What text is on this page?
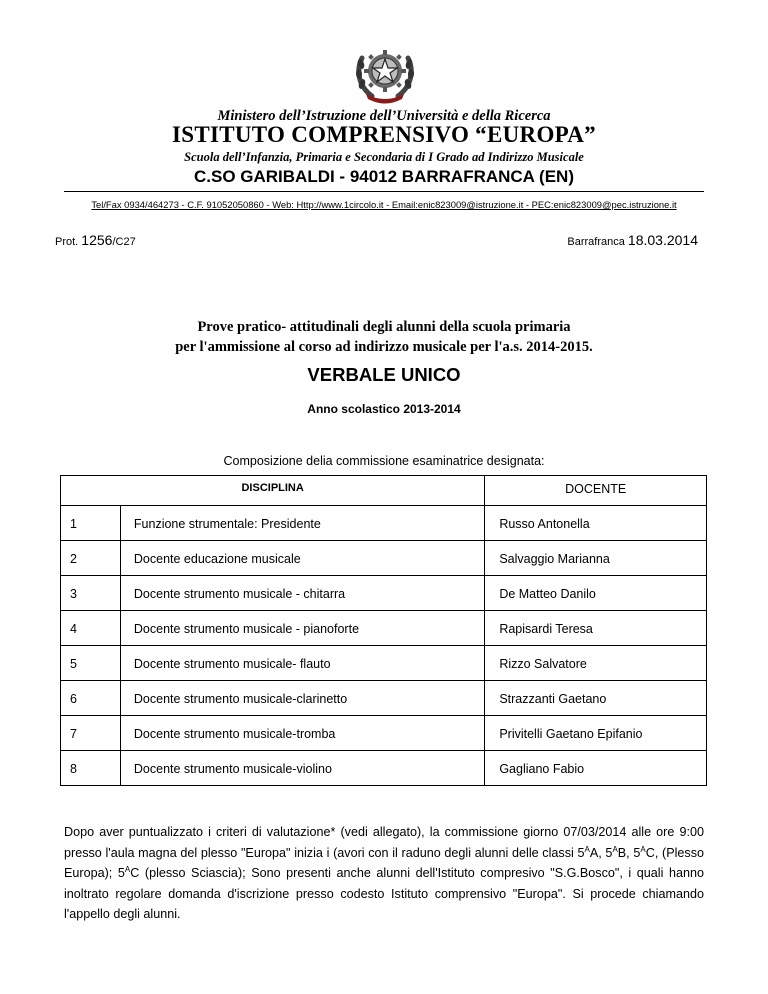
Ministero dell’Istruzione dell’Università e della Ricerca
ISTITUTO COMPRENSIVO “EUROPA”
Scuola dell’Infanzia, Primaria e Secondaria di I Grado ad Indirizzo Musicale
C.SO GARIBALDI - 94012 BARRAFRANCA (EN)
Tel/Fax 0934/464273 - C.F. 91052050860 - Web: Http://www.1circolo.it - Email:enic823009@istruzione.it - PEC:enic823009@pec.istruzione.it
Prot. 1256/C27	Barrafranca 18.03.2014
Prove pratico- attitudinali degli alunni della scuola primaria
per l'ammissione al corso ad indirizzo musicale per l'a.s. 2014-2015.
VERBALE UNICO
Anno scolastico 2013-2014
Composizione delia commissione esaminatrice designata:
DISCIPLINA		DOCENTE
1	Funzione strumentale: Presidente	Russo Antonella
2	Docente educazione musicale	Salvaggio Marianna
3	Docente strumento musicale - chitarra	De Matteo Danilo
4	Docente strumento musicale - pianoforte	Rapisardi Teresa
5	Docente strumento musicale- flauto	Rizzo Salvatore
6	Docente strumento musicale-clarinetto	Strazzanti Gaetano
7	Docente strumento musicale-tromba	Privitelli Gaetano Epifanio
8	Docente strumento musicale-violino	Gagliano Fabio
Dopo aver puntualizzato i criteri di valutazione* (vedi allegato), la commissione giorno 07/03/2014 alle ore 9:00 presso l'aula magna del plesso "Europa" inizia i (avori con il raduno degli alunni delle classi $5^AA$, $5^AB$, $5^AC$, (Plesso Europa); $5^AC$ (plesso Sciascia); Sono presenti anche alunni dell'Istituto compresivo "S.G.Bosco", i quali hanno inoltrato regolare domanda d'iscrizione presso codesto Istituto comprensivo "Europa". Si procede chiamando l'appello degli alunni.
